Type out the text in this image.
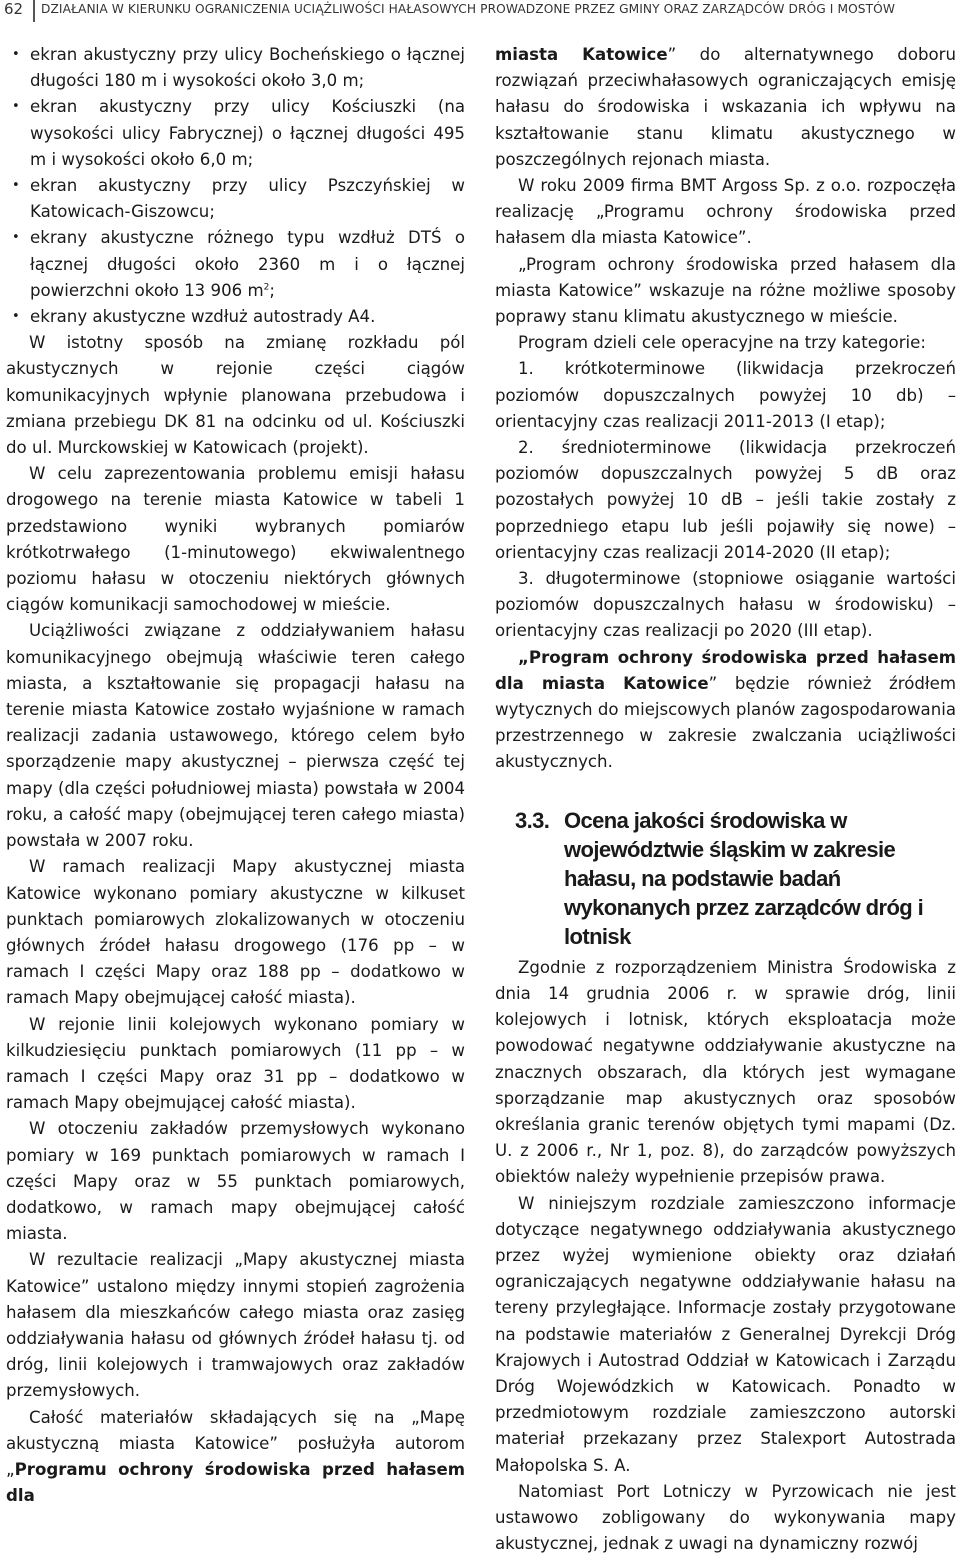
62 DZIAŁANIA W KIERUNKU OGRANICZENIA UCIĄŻLIWOŚCI HAŁASOWYCH PROWADZONE PRZEZ GMINY ORAZ ZARZĄDCÓW DRÓG I MOSTÓW
• ekran akustyczny przy ulicy Bocheńskiego o łącznej długości 180 m i wysokości około 3,0 m;
• ekran akustyczny przy ulicy Kościuszki (na wysokości ulicy Fabrycznej) o łącznej długości 495 m i wysokości około 6,0 m;
• ekran akustyczny przy ulicy Pszczyńskiej w Katowicach-Giszowcu;
• ekrany akustyczne różnego typu wzdłuż DTŚ o łącznej długości około 2360 m i o łącznej powierzchni około 13 906 $m^2$;
• ekrany akustyczne wzdłuż autostrady A4.

W istotny sposób na zmianę rozkładu pól akustycznych w rejonie części ciągów komunikacyjnych wpłynie planowana przebudowa i zmiana przebiegu DK 81 na odcinku od ul. Kościuszki do ul. Murckowskiej w Katowicach (projekt).

W celu zaprezentowania problemu emisji hałasu drogowego na terenie miasta Katowice w tabeli 1 przedstawiono wyniki wybranych pomiarów krótkotrwałego (1-minutowego) ekwiwalentnego poziomu hałasu w otoczeniu niektórych głównych ciągów komunikacji samochodowej w mieście.

Uciążliwości związane z oddziaływaniem hałasu komunikacyjnego obejmują właściwie teren całego miasta, a kształtowanie się propagacji hałasu na terenie miasta Katowice zostało wyjaśnione w ramach realizacji zadania ustawowego, którego celem było sporządzenie mapy akustycznej – pierwsza część tej mapy (dla części południowej miasta) powstała w 2004 roku, a całość mapy (obejmującej teren całego miasta) powstała w 2007 roku.

W ramach realizacji Mapy akustycznej miasta Katowice wykonano pomiary akustyczne w kilkuset punktach pomiarowych zlokalizowanych w otoczeniu głównych źródeł hałasu drogowego (176 pp – w ramach I części Mapy oraz 188 pp – dodatkowo w ramach Mapy obejmującej całość miasta).

W rejonie linii kolejowych wykonano pomiary w kilkudziesięciu punktach pomiarowych (11 pp – w ramach I części Mapy oraz 31 pp – dodatkowo w ramach Mapy obejmującej całość miasta).

W otoczeniu zakładów przemysłowych wykonano pomiary w 169 punktach pomiarowych w ramach I części Mapy oraz w 55 punktach pomiarowych, dodatkowo, w ramach mapy obejmującej całość miasta.

W rezultacie realizacji „Mapy akustycznej miasta Katowice” ustalono między innymi stopień zagrożenia hałasem dla mieszkańców całego miasta oraz zasięg oddziaływania hałasu od głównych źródeł hałasu tj. od dróg, linii kolejowych i tramwajowych oraz zakładów przemysłowych.

Całość materiałów składających się na „Mapę akustyczną miasta Katowice” posłużyła autorom „Programu ochrony środowiska przed hałasem dla

miasta Katowice” do alternatywnego doboru rozwiązań przeciwhałasowych ograniczających emisję hałasu do środowiska i wskazania ich wpływu na kształtowanie stanu klimatu akustycznego w poszczególnych rejonach miasta.

W roku 2009 firma BMT Argoss Sp. z o.o. rozpoczęła realizację „Programu ochrony środowiska przed hałasem dla miasta Katowice”.

„Program ochrony środowiska przed hałasem dla miasta Katowice” wskazuje na różne możliwe sposoby poprawy stanu klimatu akustycznego w mieście.

Program dzieli cele operacyjne na trzy kategorie:

1. krótkoterminowe (likwidacja przekroczeń poziomów dopuszczalnych powyżej 10 db) – orientacyjny czas realizacji 2011-2013 (I etap);
2. średnioterminowe (likwidacja przekroczeń poziomów dopuszczalnych powyżej 5 dB oraz pozostałych powyżej 10 dB – jeśli takie zostały z poprzedniego etapu lub jeśli pojawiły się nowe) – orientacyjny czas realizacji 2014-2020 (II etap);
3. długoterminowe (stopniowe osiąganie wartości poziomów dopuszczalnych hałasu w środowisku) – orientacyjny czas realizacji po 2020 (III etap).

„Program ochrony środowiska przed hałasem dla miasta Katowice” będzie również źródłem wytycznych do miejscowych planów zagospodarowania przestrzennego w zakresie zwalczania uciążliwości akustycznych.

3.3. Ocena jakości środowiska w województwie śląskim w zakresie hałasu, na podstawie badań wykonanych przez zarządców dróg i lotnisk

Zgodnie z rozporządzeniem Ministra Środowiska z dnia 14 grudnia 2006 r. w sprawie dróg, linii kolejowych i lotnisk, których eksploatacja może powodować negatywne oddziaływanie akustyczne na znacznych obszarach, dla których jest wymagane sporządzanie map akustycznych oraz sposobów określania granic terenów objętych tymi mapami (Dz. U. z 2006 r., Nr 1, poz. 8), do zarządców powyższych obiektów należy wypełnienie przepisów prawa.

W niniejszym rozdziale zamieszczono informacje dotyczące negatywnego oddziaływania akustycznego przez wyżej wymienione obiekty oraz działań ograniczających negatywne oddziaływanie hałasu na tereny przyległające. Informacje zostały przygotowane na podstawie materiałów z Generalnej Dyrekcji Dróg Krajowych i Autostrad Oddział w Katowicach i Zarządu Dróg Wojewódzkich w Katowicach. Ponadto w przedmiotowym rozdziale zamieszczono autorski materiał przekazany przez Stalexport Autostrada Małopolska S. A.

Natomiast Port Lotniczy w Pyrzowicach nie jest ustawowo zobligowany do wykonywania mapy akustycznej, jednak z uwagi na dynamiczny rozwój
